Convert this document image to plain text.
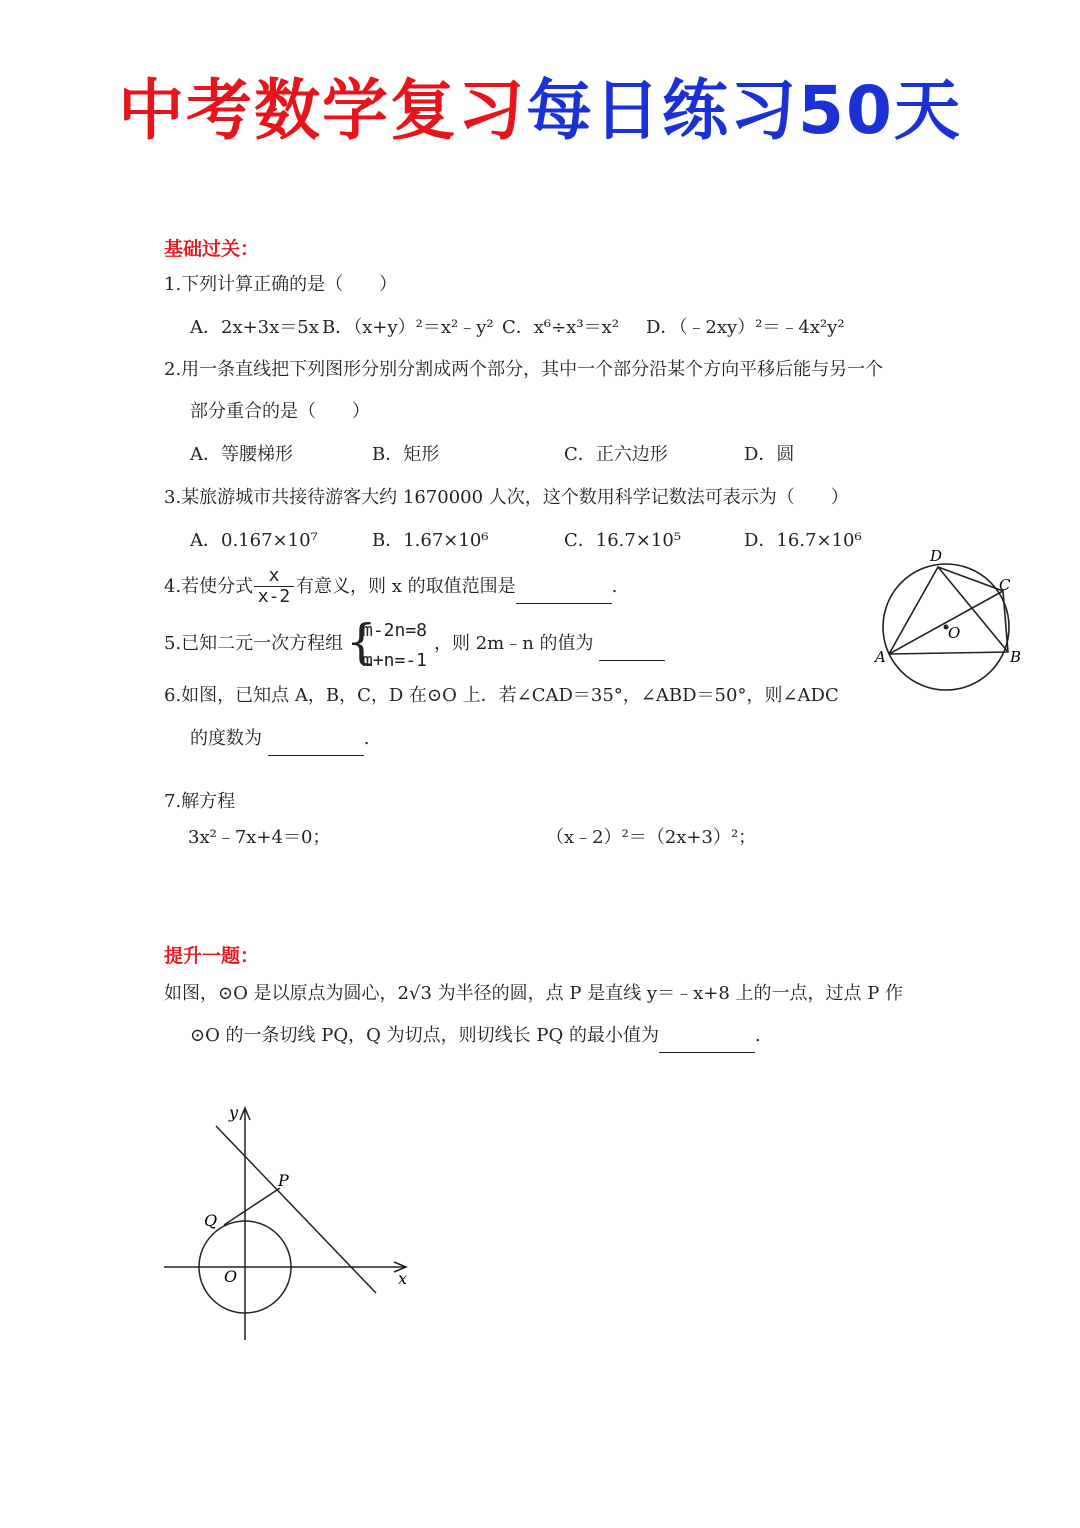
中考数学复习每日练习50天
基础过关：
1.下列计算正确的是（　　）
A．2x+3x＝5x B．（x+y）²＝x²﹣y² C．x⁶÷x³＝x² D．（﹣2xy）²＝﹣4x²y²
2.用一条直线把下列图形分别分割成两个部分，其中一个部分沿某个方向平移后能与另一个
部分重合的是（　　）
A．等腰梯形	B．矩形	C．正六边形	D．圆
3.某旅游城市共接待游客大约 1670000 人次，这个数用科学记数法可表示为（　　）
A．0.167×10⁷	B．1.67×10⁶	C．16.7×10⁵	D．16.7×10⁶
4.若使分式 $\frac{x}{x-2}$ 有意义，则 x 的取值范围是	.
5.已知二元一次方程组 {
m-2n=8
m+n=-1
，则 2m﹣n 的值为
6.如图，已知点 A，B，C，D 在⊙O 上．若∠CAD＝35°，∠ABD＝50°，则∠ADC
的度数为	.
A	B
C
D
O
7.解方程
3x²﹣7x+4＝0；	（x﹣2）²＝（2x+3）²；
提升一题：
如图，⊙O 是以原点为圆心，2√3 为半径的圆，点 P 是直线 y＝﹣x+8 上的一点，过点 P 作
⊙O 的一条切线 PQ，Q 为切点，则切线长 PQ 的最小值为	.
y
x
O
P
Q
